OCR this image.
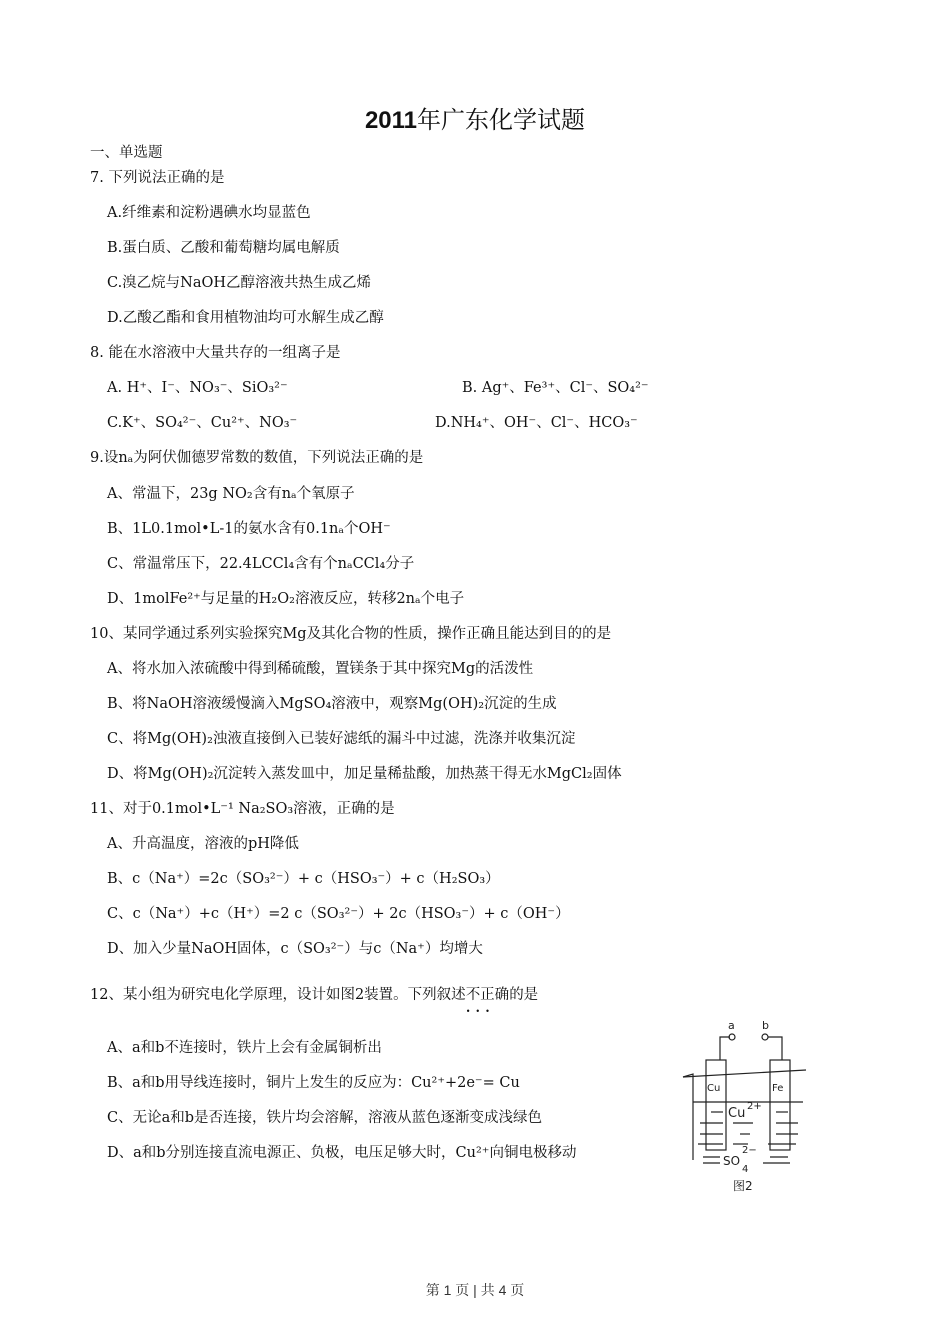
2011年广东化学试题
一、单选题
7. 下列说法正确的是
A.纤维素和淀粉遇碘水均显蓝色
B.蛋白质、乙酸和葡萄糖均属电解质
C.溴乙烷与NaOH乙醇溶液共热生成乙烯
D.乙酸乙酯和食用植物油均可水解生成乙醇
8. 能在水溶液中大量共存的一组离子是
A. H⁺、I⁻、NO₃⁻、SiO₃²⁻	B. Ag⁺、Fe³⁺、Cl⁻、SO₄²⁻
C.K⁺、SO₄²⁻、Cu²⁺、NO₃⁻	D.NH₄⁺、OH⁻、Cl⁻、HCO₃⁻
9.设nₐ为阿伏伽德罗常数的数值，下列说法正确的是
A、常温下，23g NO₂含有nₐ个氧原子
B、1L0.1mol•L-1的氨水含有0.1nₐ个OH⁻
C、常温常压下，22.4LCCl₄含有个nₐCCl₄分子
D、1molFe²⁺与足量的H₂O₂溶液反应，转移2nₐ个电子
10、某同学通过系列实验探究Mg及其化合物的性质，操作正确且能达到目的的是
A、将水加入浓硫酸中得到稀硫酸，置镁条于其中探究Mg的活泼性
B、将NaOH溶液缓慢滴入MgSO₄溶液中，观察Mg(OH)₂沉淀的生成
C、将Mg(OH)₂浊液直接倒入已装好滤纸的漏斗中过滤，洗涤并收集沉淀
D、将Mg(OH)₂沉淀转入蒸发皿中，加足量稀盐酸，加热蒸干得无水MgCl₂固体
11、对于0.1mol•L⁻¹ Na₂SO₃溶液，正确的是
A、升高温度，溶液的pH降低
B、c（Na⁺）=2c（SO₃²⁻）+ c（HSO₃⁻）+ c（H₂SO₃）
C、c（Na⁺）+c（H⁺）=2 c（SO₃²⁻）+ 2c（HSO₃⁻）+ c（OH⁻）
D、加入少量NaOH固体，c（SO₃²⁻）与c（Na⁺）均增大
12、某小组为研究电化学原理，设计如图2装置。下列叙述不正确 •••的是
A、a和b不连接时，铁片上会有金属铜析出
B、a和b用导线连接时，铜片上发生的反应为：Cu²⁺+2e⁻= Cu
C、无论a和b是否连接，铁片均会溶解，溶液从蓝色逐渐变成浅绿色
D、a和b分别连接直流电源正、负极，电压足够大时，Cu²⁺向铜电极移动
a b
Cu	Fe
Cu 2+
SO
4
2−
图2
第 1 页 | 共 4 页
